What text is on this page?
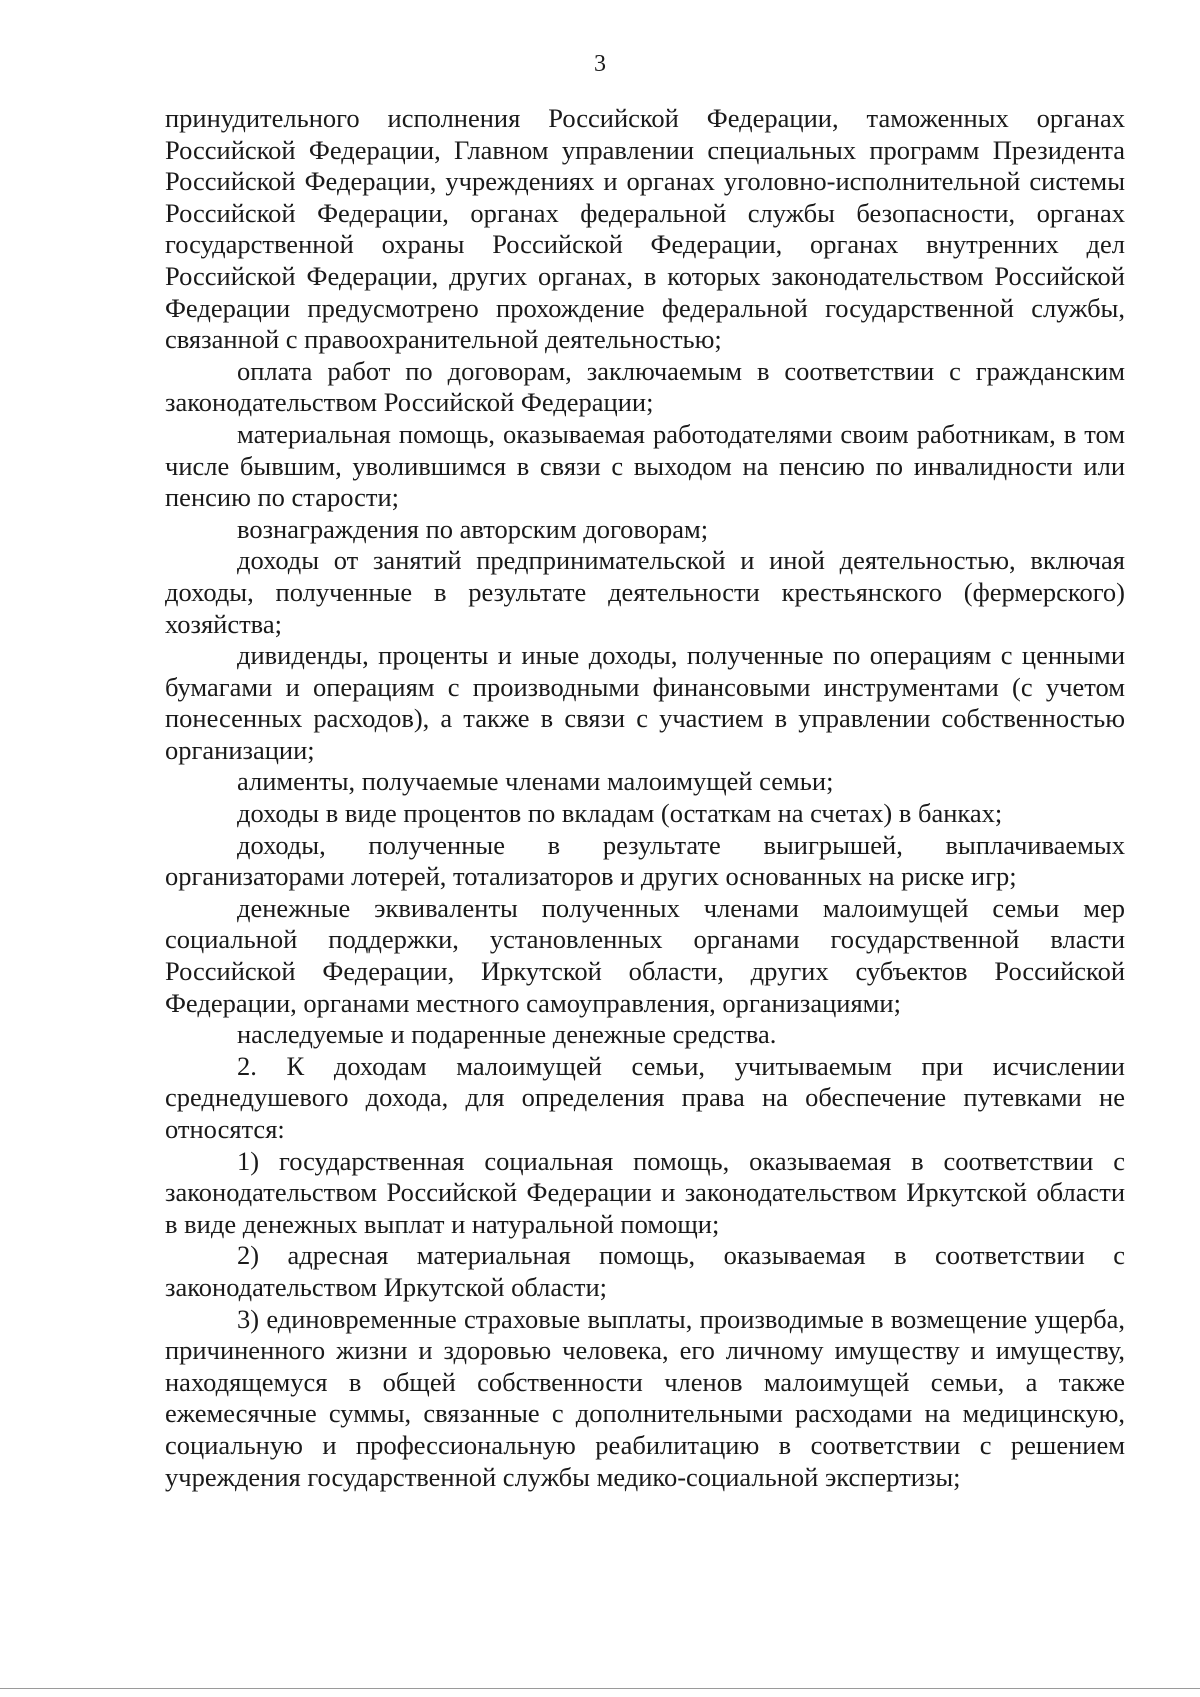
3

принудительного исполнения Российской Федерации, таможенных органах Российской Федерации, Главном управлении специальных программ Президента Российской Федерации, учреждениях и органах уголовно-исполнительной системы Российской Федерации, органах федеральной службы безопасности, органах государственной охраны Российской Федерации, органах внутренних дел Российской Федерации, других органах, в которых законодательством Российской Федерации предусмотрено прохождение федеральной государственной службы, связанной с правоохранительной деятельностью;

оплата работ по договорам, заключаемым в соответствии с гражданским законодательством Российской Федерации;

материальная помощь, оказываемая работодателями своим работникам, в том числе бывшим, уволившимся в связи с выходом на пенсию по инвалидности или пенсию по старости;

вознаграждения по авторским договорам;

доходы от занятий предпринимательской и иной деятельностью, включая доходы, полученные в результате деятельности крестьянского (фермерского) хозяйства;

дивиденды, проценты и иные доходы, полученные по операциям с ценными бумагами и операциям с производными финансовыми инструментами (с учетом понесенных расходов), а также в связи с участием в управлении собственностью организации;

алименты, получаемые членами малоимущей семьи;

доходы в виде процентов по вкладам (остаткам на счетах) в банках;

доходы, полученные в результате выигрышей, выплачиваемых организаторами лотерей, тотализаторов и других основанных на риске игр;

денежные эквиваленты полученных членами малоимущей семьи мер социальной поддержки, установленных органами государственной власти Российской Федерации, Иркутской области, других субъектов Российской Федерации, органами местного самоуправления, организациями;

наследуемые и подаренные денежные средства.

2. К доходам малоимущей семьи, учитываемым при исчислении среднедушевого дохода, для определения права на обеспечение путевками не относятся:

1) государственная социальная помощь, оказываемая в соответствии с законодательством Российской Федерации и законодательством Иркутской области в виде денежных выплат и натуральной помощи;

2) адресная материальная помощь, оказываемая в соответствии с законодательством Иркутской области;

3) единовременные страховые выплаты, производимые в возмещение ущерба, причиненного жизни и здоровью человека, его личному имуществу и имуществу, находящемуся в общей собственности членов малоимущей семьи, а также ежемесячные суммы, связанные с дополнительными расходами на медицинскую, социальную и профессиональную реабилитацию в соответствии с решением учреждения государственной службы медико-социальной экспертизы;
